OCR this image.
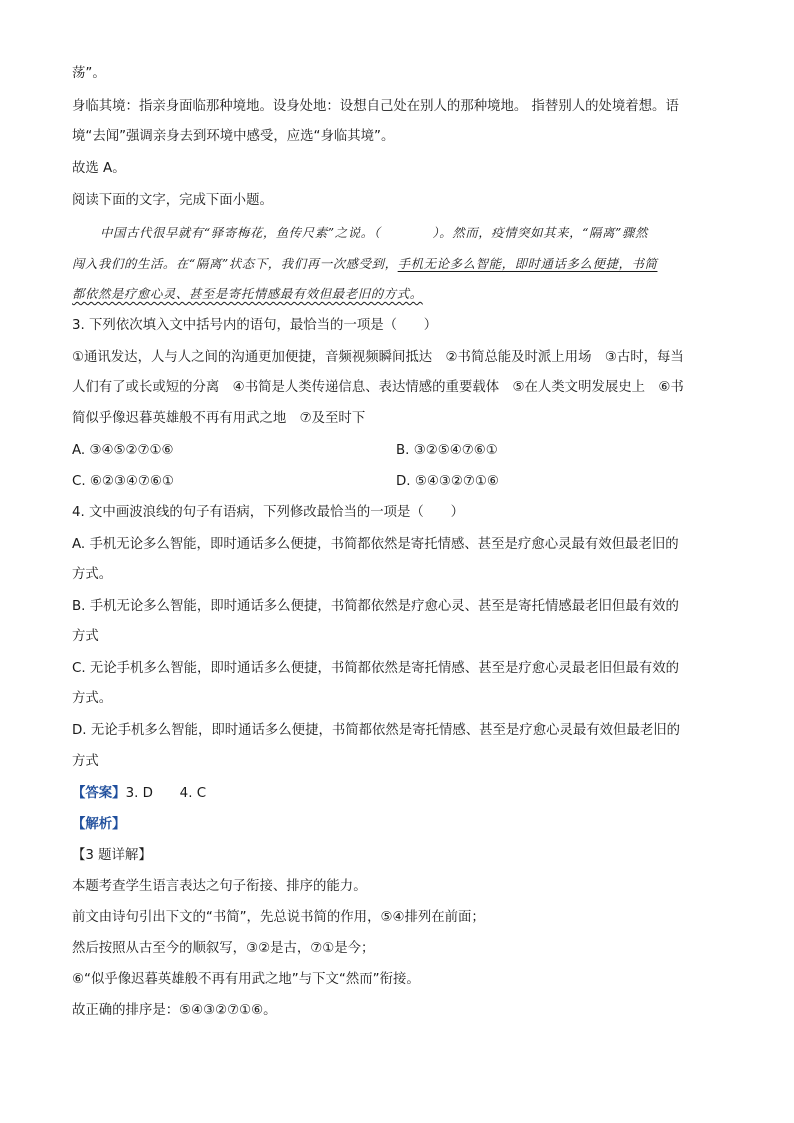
荡”。
身临其境：指亲身面临那种境地。设身处地：设想自己处在别人的那种境地。 指替别人的处境着想。语
境“去闻”强调亲身去到环境中感受，应选“身临其境”。
故选 A。
阅读下面的文字，完成下面小题。
中国古代很早就有“驿寄梅花，鱼传尺素”之说。（　　　　）。然而，疫情突如其来，“隔离”骤然
闯入我们的生活。在“隔离”状态下，我们再一次感受到，手机无论多么智能，即时通话多么便捷，书简
都依然是疗愈心灵、甚至是寄托情感最有效但最老旧的方式。
3. 下列依次填入文中括号内的语句，最恰当的一项是（　　）
①通讯发达，人与人之间的沟通更加便捷，音频视频瞬间抵达　②书简总能及时派上用场　③古时，每当
人们有了或长或短的分离　④书简是人类传递信息、表达情感的重要载体　⑤在人类文明发展史上　⑥书
简似乎像迟暮英雄般不再有用武之地　⑦及至时下
A. ③④⑤②⑦①⑥	B. ③②⑤④⑦⑥①
C. ⑥②③④⑦⑥①	D. ⑤④③②⑦①⑥
4. 文中画波浪线的句子有语病，下列修改最恰当的一项是（　　）
A. 手机无论多么智能，即时通话多么便捷，书简都依然是寄托情感、甚至是疗愈心灵最有效但最老旧的
方式。
B. 手机无论多么智能，即时通话多么便捷，书简都依然是疗愈心灵、甚至是寄托情感最老旧但最有效的
方式
C. 无论手机多么智能，即时通话多么便捷，书简都依然是寄托情感、甚至是疗愈心灵最老旧但最有效的
方式。
D. 无论手机多么智能，即时通话多么便捷，书简都依然是寄托情感、甚至是疗愈心灵最有效但最老旧的
方式
【答案】3. D　　4. C
【解析】
【3 题详解】
本题考查学生语言表达之句子衔接、排序的能力。
前文由诗句引出下文的“书简”，先总说书简的作用，⑤④排列在前面；
然后按照从古至今的顺叙写，③②是古，⑦①是今；
⑥“似乎像迟暮英雄般不再有用武之地”与下文“然而”衔接。
故正确的排序是：⑤④③②⑦①⑥。
